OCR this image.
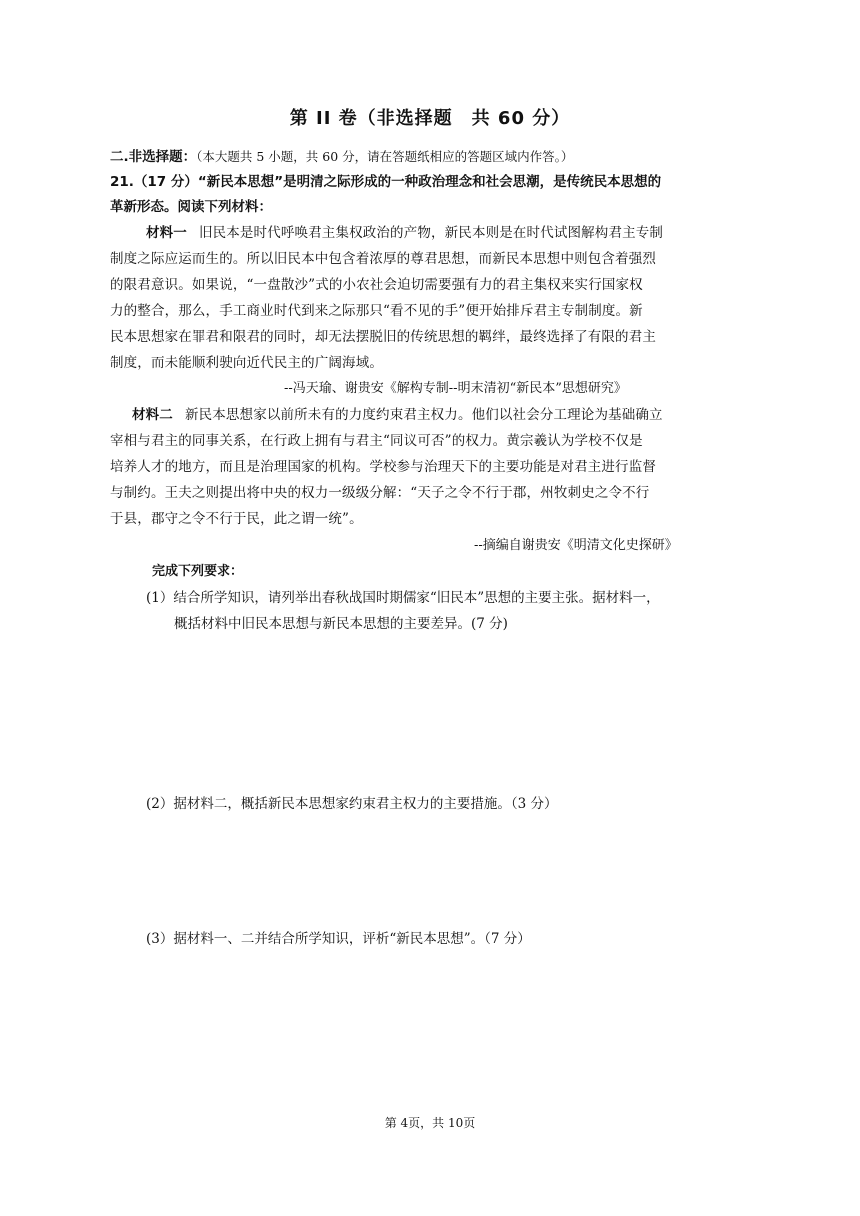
第 II 卷（非选择题　共 60 分）
二.非选择题：（本大题共 5 小题，共 60 分，请在答题纸相应的答题区域内作答。）
21.（17 分）“新民本思想”是明清之际形成的一种政治理念和社会思潮，是传统民本思想的
革新形态。阅读下列材料：
材料一 旧民本是时代呼唤君主集权政治的产物，新民本则是在时代试图解构君主专制
制度之际应运而生的。所以旧民本中包含着浓厚的尊君思想，而新民本思想中则包含着强烈
的限君意识。如果说，“一盘散沙”式的小农社会迫切需要强有力的君主集权来实行国家权
力的整合，那么，手工商业时代到来之际那只“看不见的手”便开始排斥君主专制制度。新
民本思想家在罪君和限君的同时，却无法摆脱旧的传统思想的羁绊，最终选择了有限的君主
制度，而未能顺利驶向近代民主的广阔海域。
--冯天瑜、谢贵安《解构专制--明末清初“新民本”思想研究》
材料二 新民本思想家以前所未有的力度约束君主权力。他们以社会分工理论为基础确立
宰相与君主的同事关系，在行政上拥有与君主“同议可否”的权力。黄宗羲认为学校不仅是
培养人才的地方，而且是治理国家的机构。学校参与治理天下的主要功能是对君主进行监督
与制约。王夫之则提出将中央的权力一级级分解：“天子之令不行于郡，州牧刺史之令不行
于县，郡守之令不行于民，此之谓一统”。
--摘编自谢贵安《明清文化史探研》
完成下列要求：
(1）结合所学知识，请列举出春秋战国时期儒家“旧民本”思想的主要主张。据材料一，
概括材料中旧民本思想与新民本思想的主要差异。(7 分)
(2）据材料二，概括新民本思想家约束君主权力的主要措施。（3 分）
(3）据材料一、二并结合所学知识，评析“新民本思想”。（7 分）
第 4页，共 10页
